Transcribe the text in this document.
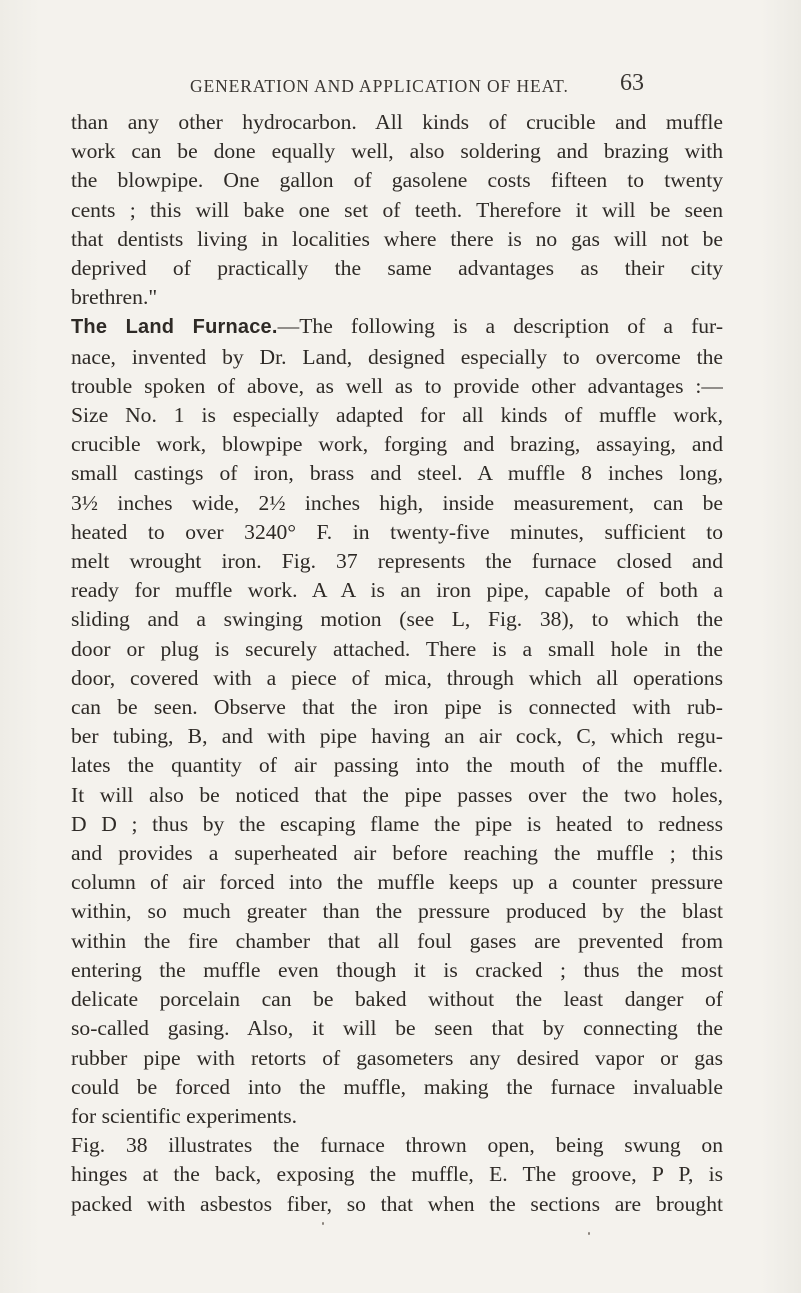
GENERATION AND APPLICATION OF HEAT.	63

than any other hydrocarbon. All kinds of crucible and muffle

work can be done equally well, also soldering and brazing with

the blowpipe. One gallon of gasolene costs fifteen to twenty

cents ; this will bake one set of teeth. Therefore it will be seen

that dentists living in localities where there is no gas will not be

deprived of practically the same advantages as their city

brethren."

The Land Furnace.—The following is a description of a fur-

nace, invented by Dr. Land, designed especially to overcome the

trouble spoken of above, as well as to provide other advantages :—

Size No. 1 is especially adapted for all kinds of muffle work,

crucible work, blowpipe work, forging and brazing, assaying, and

small castings of iron, brass and steel. A muffle 8 inches long,

3½ inches wide, 2½ inches high, inside measurement, can be

heated to over 3240° F. in twenty-five minutes, sufficient to

melt wrought iron. Fig. 37 represents the furnace closed and

ready for muffle work. A A is an iron pipe, capable of both a

sliding and a swinging motion (see L, Fig. 38), to which the

door or plug is securely attached. There is a small hole in the

door, covered with a piece of mica, through which all operations

can be seen. Observe that the iron pipe is connected with rub-

ber tubing, B, and with pipe having an air cock, C, which regu-

lates the quantity of air passing into the mouth of the muffle.

It will also be noticed that the pipe passes over the two holes,

D D ; thus by the escaping flame the pipe is heated to redness

and provides a superheated air before reaching the muffle ; this

column of air forced into the muffle keeps up a counter pressure

within, so much greater than the pressure produced by the blast

within the fire chamber that all foul gases are prevented from

entering the muffle even though it is cracked ; thus the most

delicate porcelain can be baked without the least danger of

so-called gasing. Also, it will be seen that by connecting the

rubber pipe with retorts of gasometers any desired vapor or gas

could be forced into the muffle, making the furnace invaluable

for scientific experiments.

Fig. 38 illustrates the furnace thrown open, being swung on

hinges at the back, exposing the muffle, E. The groove, P P, is

packed with asbestos fiber, so that when the sections are brought
